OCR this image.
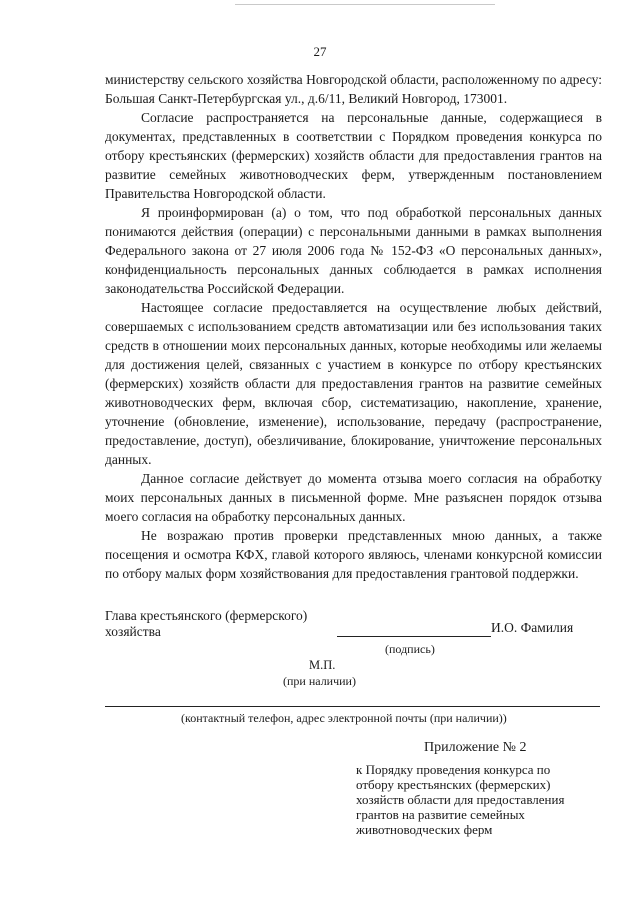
27

министерству сельского хозяйства Новгородской области, расположенному по адресу: Большая Санкт-Петербургская ул., д.6/11, Великий Новгород, 173001.

Согласие распространяется на персональные данные, содержащиеся в документах, представленных в соответствии с Порядком проведения конкурса по отбору крестьянских (фермерских) хозяйств области для предоставления грантов на развитие семейных животноводческих ферм, утвержденным постановлением Правительства Новгородской области.

Я проинформирован (а) о том, что под обработкой персональных данных понимаются действия (операции) с персональными данными в рамках выполнения Федерального закона от 27 июля 2006 года № 152-ФЗ «О персональных данных», конфиденциальность персональных данных соблюдается в рамках исполнения законодательства Российской Федерации.

Настоящее согласие предоставляется на осуществление любых действий, совершаемых с использованием средств автоматизации или без использования таких средств в отношении моих персональных данных, которые необходимы или желаемы для достижения целей, связанных с участием в конкурсе по отбору крестьянских (фермерских) хозяйств области для предоставления грантов на развитие семейных животноводческих ферм, включая сбор, систематизацию, накопление, хранение, уточнение (обновление, изменение), использование, передачу (распространение, предоставление, доступ), обезличивание, блокирование, уничтожение персональных данных.

Данное согласие действует до момента отзыва моего согласия на обработку моих персональных данных в письменной форме. Мне разъяснен порядок отзыва моего согласия на обработку персональных данных.

Не возражаю против проверки представленных мною данных, а также посещения и осмотра КФХ, главой которого являюсь, членами конкурсной комиссии по отбору малых форм хозяйствования для предоставления грантовой поддержки.

Глава крестьянского (фермерского)
хозяйства	И.О. Фамилия
(подпись)
М.П.
(при наличии)
(контактный телефон, адрес электронной почты (при наличии))
Приложение № 2
к Порядку проведения конкурса по
отбору крестьянских (фермерских)
хозяйств области для предоставления
грантов на развитие семейных
животноводческих ферм
